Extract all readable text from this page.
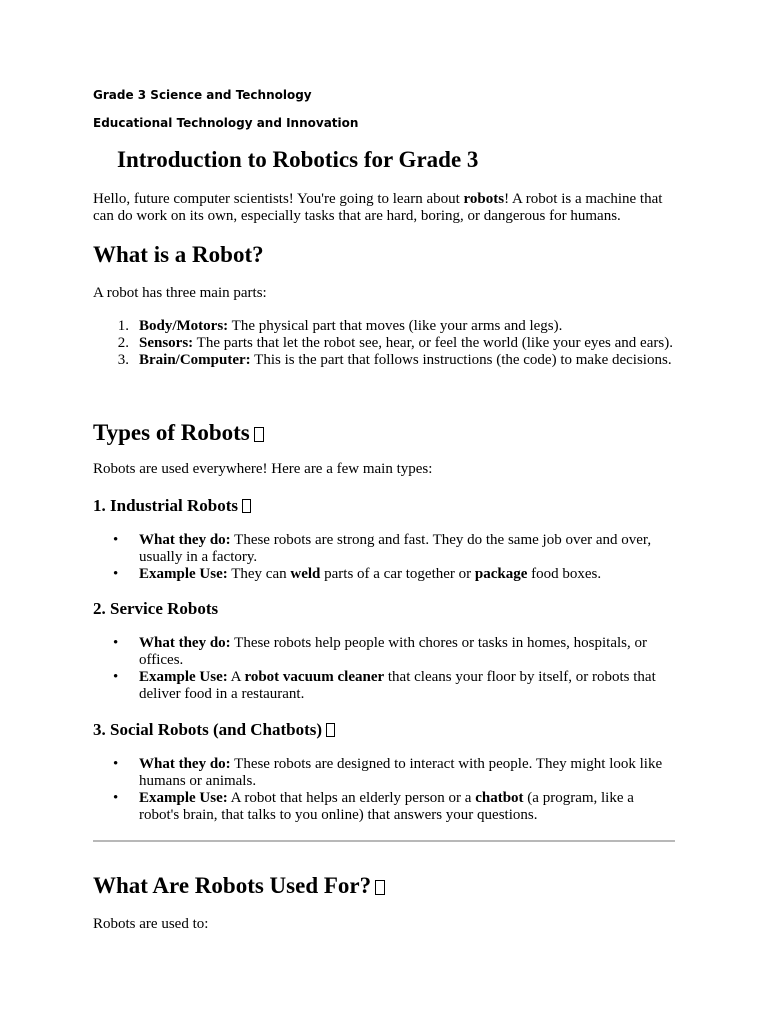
Grade 3 Science and Technology

Educational Technology and Innovation

Introduction to Robotics for Grade 3

Hello, future computer scientists! You're going to learn about robots! A robot is a machine that can do work on its own, especially tasks that are hard, boring, or dangerous for humans.

What is a Robot?

A robot has three main parts:

1. Body/Motors: The physical part that moves (like your arms and legs).
2. Sensors: The parts that let the robot see, hear, or feel the world (like your eyes and ears).
3. Brain/Computer: This is the part that follows instructions (the code) to make decisions.
Types of Robots

Robots are used everywhere! Here are a few main types:

1. Industrial Robots
•	What they do: These robots are strong and fast. They do the same job over and over, usually in a factory.
•	Example Use: They can weld parts of a car together or package food boxes.
2. Service Robots
•	What they do: These robots help people with chores or tasks in homes, hospitals, or offices.
•	Example Use: A robot vacuum cleaner that cleans your floor by itself, or robots that deliver food in a restaurant.
3. Social Robots (and Chatbots)
•	What they do: These robots are designed to interact with people. They might look like humans or animals.
•	Example Use: A robot that helps an elderly person or a chatbot (a program, like a robot's brain, that talks to you online) that answers your questions.
What Are Robots Used For?

Robots are used to:
